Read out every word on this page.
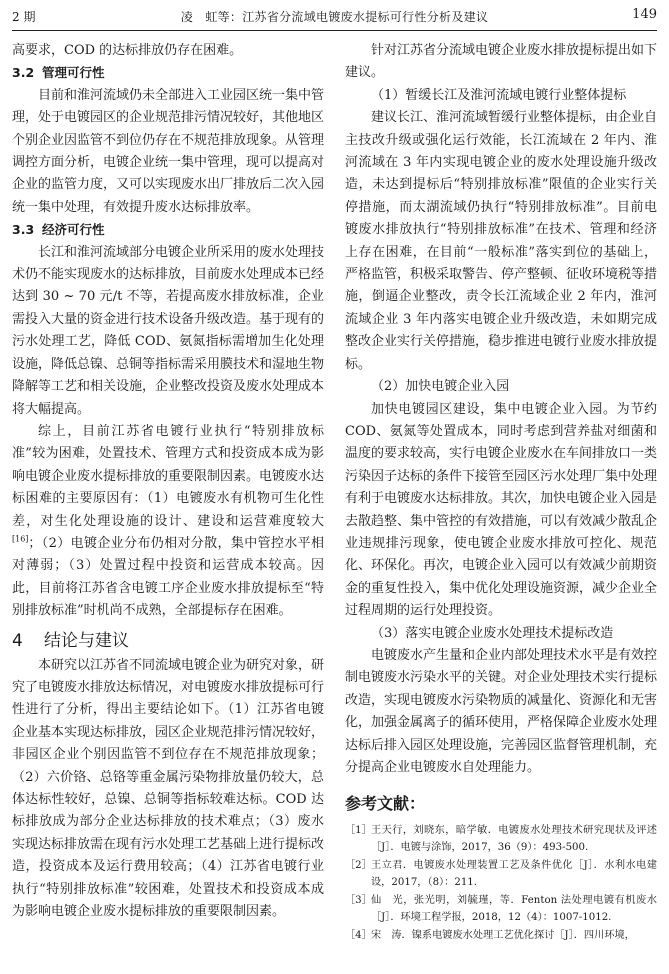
2 期	凌　虹等：江苏省分流域电镀废水提标可行性分析及建议	149

高要求，COD 的达标排放仍存在困难。

3.2 管理可行性

目前和淮河流域仍未全部进入工业园区统一集中管理，处于电镀园区的企业规范排污情况较好，其他地区个别企业因监管不到位仍存在不规范排放现象。从管理调控方面分析，电镀企业统一集中管理，现可以提高对企业的监管力度，又可以实现废水出厂排放后二次入园统一集中处理，有效提升废水达标排放率。

3.3 经济可行性

长江和淮河流域部分电镀企业所采用的废水处理技术仍不能实现废水的达标排放，目前废水处理成本已经达到 30 ~ 70 元/t 不等，若提高废水排放标准，企业需投入大量的资金进行技术设备升级改造。基于现有的污水处理工艺，降低 COD、氨氮指标需增加生化处理设施，降低总镍、总铜等指标需采用膜技术和湿地生物降解等工艺和相关设施，企业整改投资及废水处理成本将大幅提高。

综上，目前江苏省电镀行业执行“特别排放标准”较为困难，处置技术、管理方式和投资成本成为影响电镀企业废水提标排放的重要限制因素。电镀废水达标困难的主要原因有：（1）电镀废水有机物可生化性差，对生化处理设施的设计、建设和运营难度较大[16]；（2）电镀企业分布仍相对分散，集中管控水平相对薄弱；（3）处置过程中投资和运营成本较高。因此，目前将江苏省含电镀工序企业废水排放提标至“特别排放标准”时机尚不成熟，全部提标存在困难。

4 结论与建议

本研究以江苏省不同流域电镀企业为研究对象，研究了电镀废水排放达标情况，对电镀废水排放提标可行性进行了分析，得出主要结论如下。（1）江苏省电镀企业基本实现达标排放，园区企业规范排污情况较好，非园区企业个别因监管不到位存在不规范排放现象；（2）六价铬、总铬等重金属污染物排放量仍较大，总体达标性较好，总镍、总铜等指标较难达标。COD 达标排放成为部分企业达标排放的技术难点；（3）废水实现达标排放需在现有污水处理工艺基础上进行提标改造，投资成本及运行费用较高；（4）江苏省电镀行业执行“特别排放标准”较困难，处置技术和投资成本成为影响电镀企业废水提标排放的重要限制因素。

针对江苏省分流域电镀企业废水排放提标提出如下建议。

（1）暂缓长江及淮河流域电镀行业整体提标

建议长江、淮河流域暂缓行业整体提标，由企业自主技改升级或强化运行效能，长江流域在 2 年内、淮河流域在 3 年内实现电镀企业的废水处理设施升级改造，未达到提标后“特别排放标准”限值的企业实行关停措施，而太湖流域仍执行“特别排放标准”。目前电镀废水排放执行“特别排放标准”在技术、管理和经济上存在困难，在目前“一般标准”落实到位的基础上，严格监管，积极采取警告、停产整顿、征收环境税等措施，倒逼企业整改，责令长江流域企业 2 年内，淮河流域企业 3 年内落实电镀企业升级改造，未如期完成整改企业实行关停措施，稳步推进电镀行业废水排放提标。

（2）加快电镀企业入园

加快电镀园区建设，集中电镀企业入园。为节约 COD、氨氮等处置成本，同时考虑到营养盐对细菌和温度的要求较高，实行电镀企业废水在车间排放口一类污染因子达标的条件下接管至园区污水处理厂集中处理有利于电镀废水达标排放。其次，加快电镀企业入园是去散趋整、集中管控的有效措施，可以有效减少散乱企业违规排污现象，使电镀企业废水排放可控化、规范化、环保化。再次，电镀企业入园可以有效减少前期资金的重复性投入，集中优化处理设施资源，减少企业全过程周期的运行处理投资。

（3）落实电镀企业废水处理技术提标改造

电镀废水产生量和企业内部处理技术水平是有效控制电镀废水污染水平的关键。对企业处理技术实行提标改造，实现电镀废水污染物质的减量化、资源化和无害化，加强金属离子的循环使用，严格保障企业废水处理达标后排入园区处理设施，完善园区监督管理机制，充分提高企业电镀废水自处理能力。

参考文献：
［1］ 王天行，刘晓东，暗学敏．电镀废水处理技术研究现状及评述［J］．电镀与涂饰，2017，36（9）：493-500.
［2］ 王立君．电镀废水处理装置工艺及条件优化［J］．水利水电建设，2017，（8）：211.
［3］ 仙　光，张光明，刘毓瑾，等．Fenton 法处理电镀有机废水［J］．环境工程学报，2018，12（4）：1007-1012.
［4］ 宋　涛．镍系电镀废水处理工艺优化探讨［J］．四川环境，
